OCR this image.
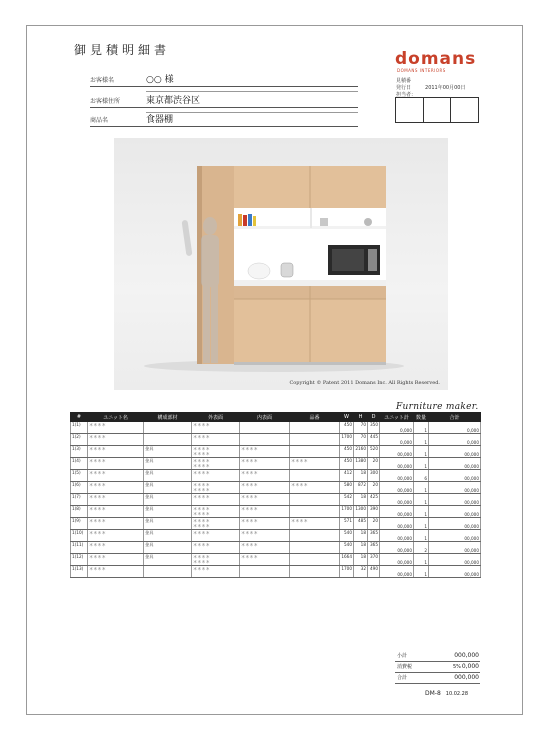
御見積明細書	domans
DOMANS INTERIORS
お客様名	○○ 様
お客様住所	東京都渋谷区
商品名	食器棚
見積番
発行日	2011年00月00日
担当者：
Copyright © Patent 2011 Domans Inc. All Rights Reserved.
Furniture maker.
#	ユニット名	構成部材	外表面	内表面	品番	W	H	D	ユニット計	数量	合計
1(1)	＊＊＊＊		＊＊＊＊			450	70	350	0,000	1	0,000

1(2)	＊＊＊＊		＊＊＊＊			1700	70	445	0,000	1	0,000

1(3)	＊＊＊＊	金具	＊＊＊＊
＊＊＊＊	＊＊＊＊		450	2160	520	00,000	1	00,000

1(4)	＊＊＊＊	金具	＊＊＊＊
＊＊＊＊	＊＊＊＊	＊＊＊＊	450	1380	20	00,000	1	00,000

1(5)	＊＊＊＊	金具	＊＊＊＊	＊＊＊＊		412	18	300	00,000	6	00,000

1(6)	＊＊＊＊	金具	＊＊＊＊
＊＊＊＊	＊＊＊＊	＊＊＊＊	580	872	20	00,000	1	00,000

1(7)	＊＊＊＊	金具	＊＊＊＊	＊＊＊＊		542	18	425	00,000	1	00,000

1(8)	＊＊＊＊	金具	＊＊＊＊
＊＊＊＊	＊＊＊＊		1700	1300	390	00,000	1	00,000

1(9)	＊＊＊＊	金具	＊＊＊＊
＊＊＊＊	＊＊＊＊	＊＊＊＊	571	485	20	00,000	1	00,000

1(10)	＊＊＊＊	金具	＊＊＊＊	＊＊＊＊		540	18	365	00,000	1	00,000

1(11)	＊＊＊＊	金具	＊＊＊＊	＊＊＊＊		540	18	365	00,000	2	00,000

1(12)	＊＊＊＊	金具	＊＊＊＊
＊＊＊＊	＊＊＊＊		1664	18	370	00,000	1	00,000

1(13)	＊＊＊＊		＊＊＊＊			1700	32	490	00,000	1	00,000
小計	000,000
消費税	5% 0,000
合計	000,000
DM-8 10.02.28
